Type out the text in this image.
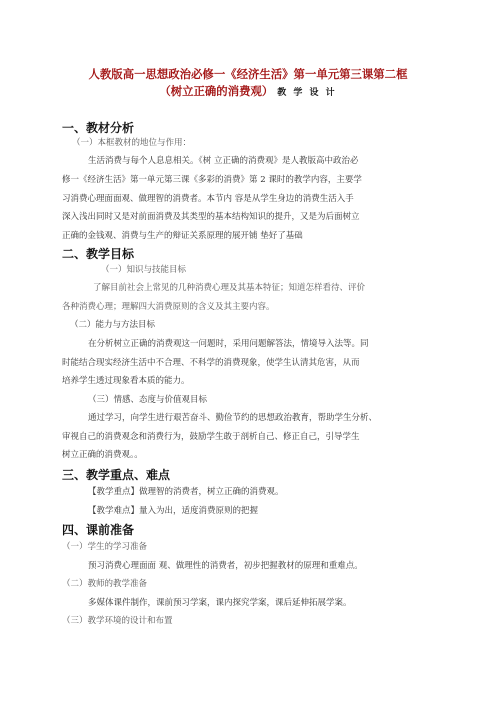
人教版高一思想政治必修一《经济生活》第一单元第三课第二框
（树立正确的消费观） 教 学 设 计
一、教材分析
（一）本框教材的地位与作用：
生活消费与每个人息息相关。《树 立正确的消费观》是人教版高中政治必
修一《经济生活》第一单元第三课《多彩的消费》第 2 课时的教学内容，主要学
习消费心理面面观、做理智的消费者。本节内 容是从学生身边的消费生活入手
深入浅出同时又是对前面消费及其类型的基本结构知识的提升，又是为后面树立
正确的金钱观、消费与生产的辩证关系原理的展开铺 垫好了基础
二、教学目标
（一）知识与技能目标
了解目前社会上常见的几种消费心理及其基本特征；知道怎样看待、评价
各种消费心理；理解四大消费原则的含义及其主要内容。
（二）能力与方法目标
在分析树立正确的消费观这一问题时，采用问题解答法，情境导入法等。同
时能结合现实经济生活中不合理、不科学的消费现象，使学生认清其危害，从而
培养学生透过现象看本质的能力。
（三）情感、态度与价值观目标
通过学习，向学生进行艰苦奋斗、勤俭节约的思想政治教育，帮助学生分析、
审视自己的消费观念和消费行为，鼓励学生敢于剖析自己、修正自己，引导学生
树立正确的消费观。。
三、教学重点、难点
【教学重点】做理智的消费者，树立正确的消费观。
【教学难点】量入为出，适度消费原则的把握
四、课前准备
（一）学生的学习准备
预习消费心理面面 观、做理性的消费者，初步把握教材的原理和重难点。
（二）教师的教学准备
多媒体课件制作，课前预习学案，课内探究学案，课后延伸拓展学案。
（三）教学环境的设计和布置
